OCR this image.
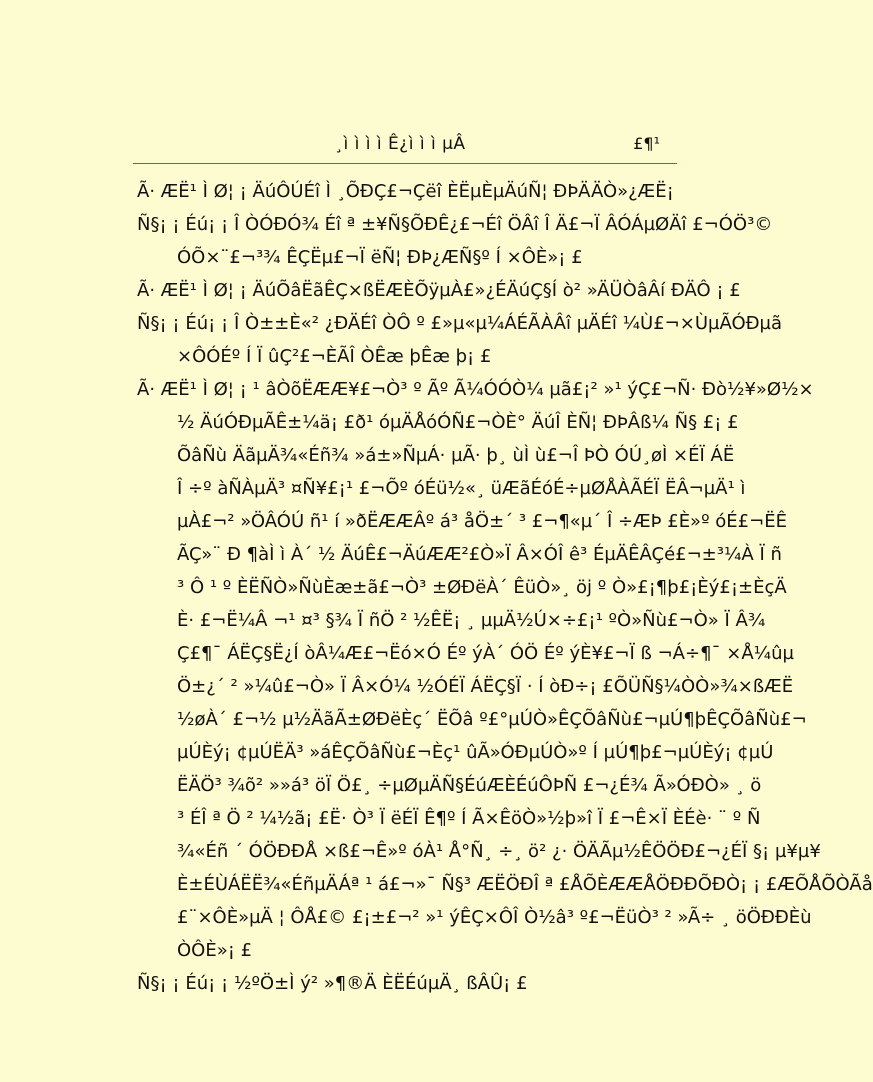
¸ì ì ì ì Ê¿ì ì ì µÂ	£¶¹
Ã· ÆË¹ Ì Ø¦ ¡ ÄúÔÚÉî Ì ¸ÕÐÇ£¬Çëî ÈËµÈµÄúÑ¦ ÐÞÄÄÒ»¿ÆË¡
Ñ§¡ ¡ Éú¡ ¡ Î ÒÓÐÓ¾ Éî ª ±¥Ñ§ÕÐÊ¿£¬Éî ÖÂî Î Ä£¬Ï ÂÓÁµØÄî £¬ÓÖ³©
ÓÕ×¨£¬³¾ ÊÇËµ£¬Ï ëÑ¦ ÐÞ¿ÆÑ§º Í ×ÔÈ»¡ £
Ã· ÆË¹ Ì Ø¦ ¡ ÄúÕâËãÊÇ×ßËÆÈÕÿµÀ£»¿ÉÄúÇ§Í ò² »ÄÜÒâÂí ÐÄÔ ¡ £
Ñ§¡ ¡ Éú¡ ¡ Î Ò±±È«² ¿ÐÄÉî ÒÔ º £»µ«µ¼ÁÉÃÀÂî µÄÉî ¼Ù£¬×ÙµÃÓÐµã
×ÔÓÉº Í Ï ûÇ²£¬ÈÃÎ ÒÊæ þÊæ þ¡ £
Ã· ÆË¹ Ì Ø¦ ¡ ¹ âÒõËÆÆ¥£¬Ò³ º Ãº Ã¼ÓÓÒ¼ µã£¡² »¹ ýÇ£¬Ñ· Ðò½¥»Ø½×
½ ÄúÓÐµÃÊ±¼ä¡ £ð¹ óµÄÅóÓÑ£¬ÒÈ° ÄúÎ ÈÑ¦ ÐÞÂß¼ Ñ§ £¡ £
ÕâÑù ÄãµÄ¾«Éñ¾ »á±»ÑµÁ· µÃ· þ¸ ùÌ ù£¬Î ÞÒ ÓÚ¸øÌ ×ÉÏ ÁË
Î ÷º àÑÀµÄ³ ¤Ñ¥£¡¹ £¬Õº óÉü½«¸ üÆãÉóÉ÷µØÅÀÃÉÏ ËÂ¬µÄ¹ ì
µÀ£¬² »ÖÂÓÚ ñ¹ í »ðËÆÆÂº á³ åÖ±´ ³ £¬¶«µ´ Î ÷ÆÞ £È»º óÉ£¬ËÊ
ÃÇ»¨ Ð ¶àÌ ì À´ ½ ÄúÊ£¬ÄúÆÆ²£Ò»Ï Â×ÓÎ ê³ ÉµÄÊÂÇé£¬±³¼À Ï ñ
³ Ô ¹ º ÈËÑÒ»ÑùÈæ±ã£¬Ò³ ±ØÐëÀ´ ÊüÒ»¸ öj º Ò»£¡¶þ£¡Èý£¡±ÈçÄ
È· £¬Ë¼Â ¬¹ ¤³ §¾ Ï ñÖ ² ½ÊË¡ ¸ µµÄ½Ú×÷£¡¹ ºÒ»Ñù£¬Ò» Ï Â¾
Ç£¶¯ ÁËÇ§Ë¿Í òÂ¼Æ£¬Ëó×Ó Éº ýÀ´ ÓÖ Éº ýÈ¥£¬Ï ß ¬Á÷¶¯ ×Å¼ûµ
Ö±¿´ ² »¼û£¬Ò» Ï Â×Ó¼ ½ÓÉÏ ÁËÇ§Ï · Í òÐ÷¡ £ÕÜÑ§¼ÒÒ»¾×ßÆË
½øÀ´ £¬½ µ½ÄãÃ±ØÐëÈç´ ËÕâ º£°µÚÒ»ÊÇÕâÑù£¬µÚ¶þÊÇÕâÑù£¬
µÚÈý¡ ¢µÚËÄ³ »áÊÇÕâÑù£¬Èç¹ ûÃ»ÓÐµÚÒ»º Í µÚ¶þ£¬µÚÈý¡ ¢µÚ
ËÄÖ³ ¾õ² »»á³ öÏ Ö£¸ ÷µØµÄÑ§ÉúÆÈÉúÔÞÑ £¬¿É¾ Ã»ÓÐÒ» ¸ ö
³ ÉÎ ª Ö ² ¼½ã¡ £Ë· Ò³ Ï ëÉÏ Ê¶º Í Ã×ÊöÒ»½þ»î Ï £¬Ê×Ï ÈÉè· ¨ º Ñ
¾«Éñ ´ ÓÖÐÐÅ ×ß£¬Ê»º óÀ¹ Å°Ñ¸ ÷¸ ö² ¿· ÖÄÃµ½ÊÖÖÐ£¬¿ÉÏ §¡ µ¥µ¥
È±ÉÙÁËË¾«ÉñµÄÁª ¹ á£¬»¯ Ñ§³ ÆËÖÐÎ ª £ÅÕÈÆÆÅÖÐÐÕÐÒ¡ ¡ £ÆÕÅÕÒÃå
£¨×ÔÈ»µÄ ¦ ÔÅ£© £¡±£¬² »¹ ýÊÇ×ÔÎ Ò½â³ º£¬ËüÒ³ ² »Ã÷ ¸ öÖÐÐÈù
ÒÔÈ»¡ £
Ñ§¡ ¡ Éú¡ ¡ ½ºÖ±Ì ý² »¶®Ä ÈËÉúµÄ¸ ßÂÛ¡ £
